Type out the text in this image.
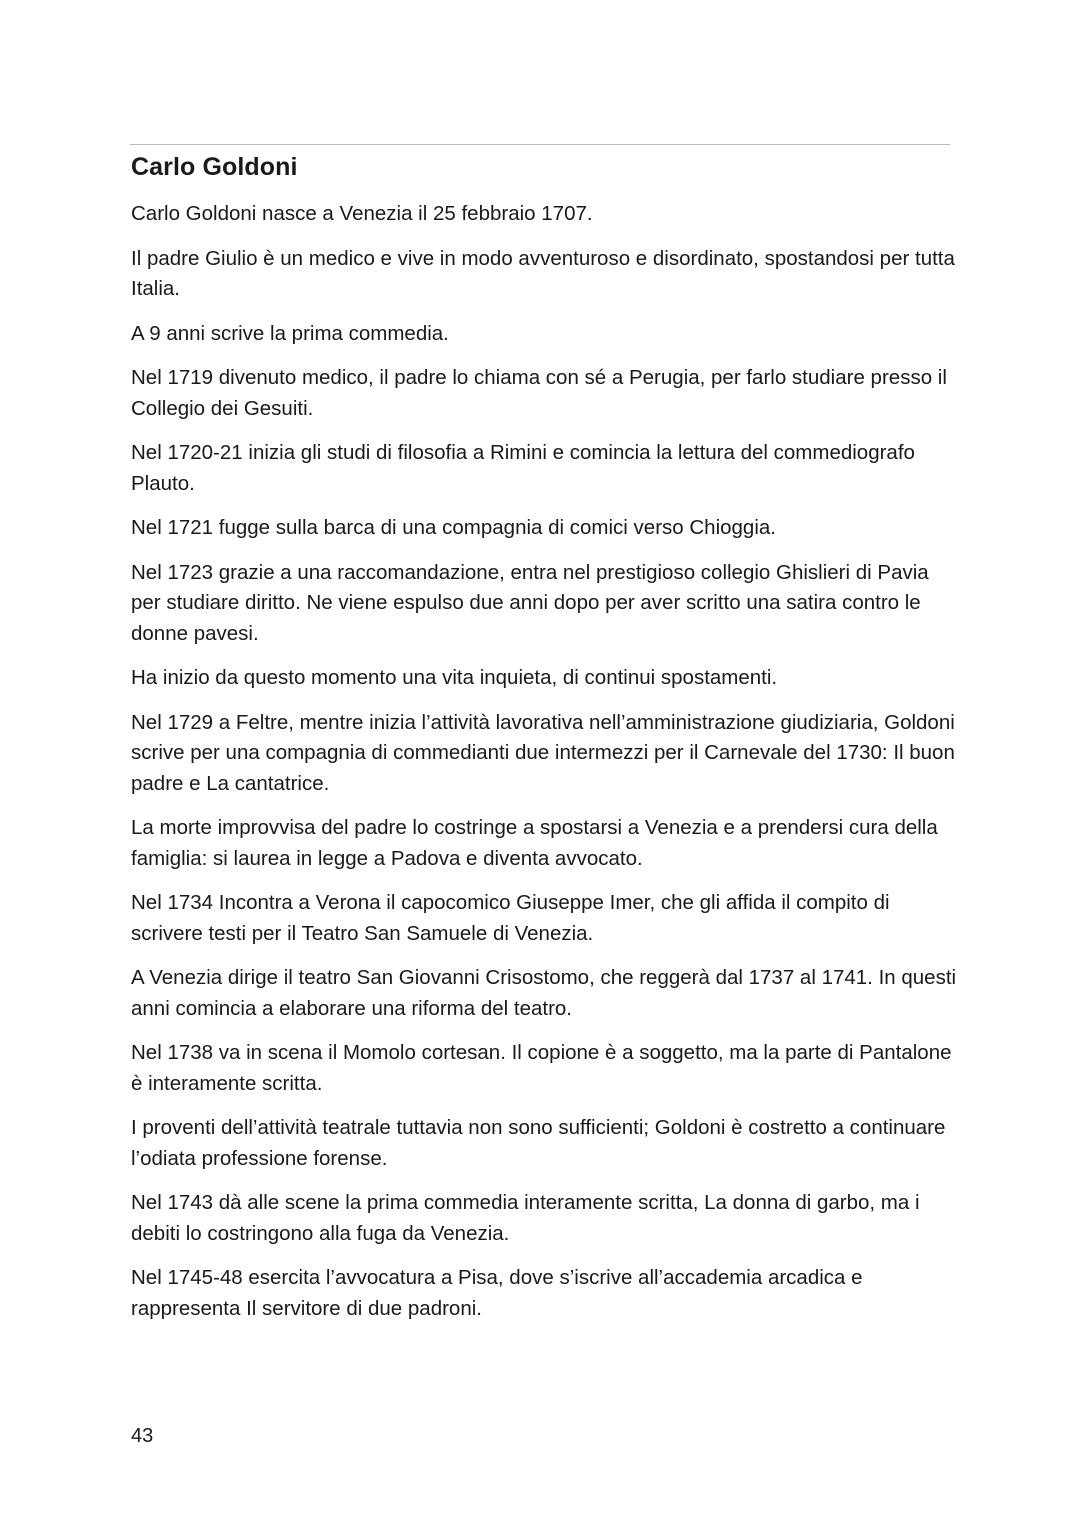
Carlo Goldoni

Carlo Goldoni nasce a Venezia il 25 febbraio 1707.

Il padre Giulio è un medico e vive in modo avventuroso e disordinato, spostandosi per tutta Italia.

A 9 anni scrive la prima commedia.

Nel 1719 divenuto medico, il padre lo chiama con sé a Perugia, per farlo studiare presso il Collegio dei Gesuiti.

Nel 1720-21 inizia gli studi di filosofia a Rimini e comincia la lettura del commediografo Plauto.

Nel 1721 fugge sulla barca di una compagnia di comici verso Chioggia.

Nel 1723 grazie a una raccomandazione, entra nel prestigioso collegio Ghislieri di Pavia per studiare diritto. Ne viene espulso due anni dopo per aver scritto una satira contro le donne pavesi.

Ha inizio da questo momento una vita inquieta, di continui spostamenti.

Nel 1729 a Feltre, mentre inizia l’attività lavorativa nell’amministrazione giudiziaria, Goldoni scrive per una compagnia di commedianti due intermezzi per il Carnevale del 1730: Il buon padre e La cantatrice.

La morte improvvisa del padre lo costringe a spostarsi a Venezia e a prendersi cura della famiglia: si laurea in legge a Padova e diventa avvocato.

Nel 1734 Incontra a Verona il capocomico Giuseppe Imer, che gli affida il compito di scrivere testi per il Teatro San Samuele di Venezia.

A Venezia dirige il teatro San Giovanni Crisostomo, che reggerà dal 1737 al 1741. In questi anni comincia a elaborare una riforma del teatro.

Nel 1738 va in scena il Momolo cortesan. Il copione è a soggetto, ma la parte di Pantalone è interamente scritta.

I proventi dell’attività teatrale tuttavia non sono sufficienti; Goldoni è costretto a continuare l’odiata professione forense.

Nel 1743 dà alle scene la prima commedia interamente scritta, La donna di garbo, ma i debiti lo costringono alla fuga da Venezia.

Nel 1745-48 esercita l’avvocatura a Pisa, dove s’iscrive all’accademia arcadica e rappresenta Il servitore di due padroni.

43
